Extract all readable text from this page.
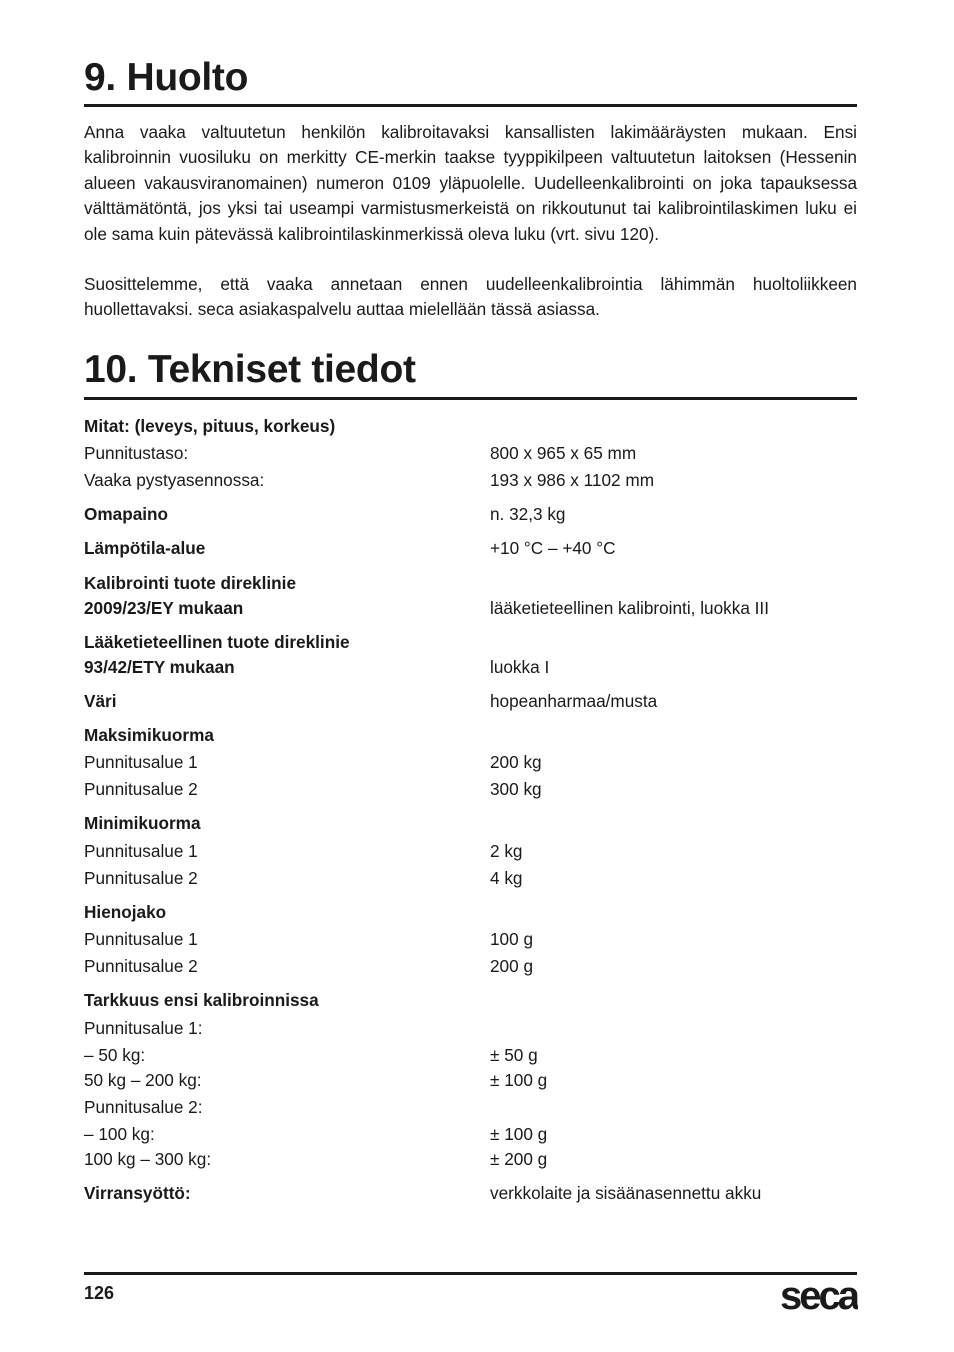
9. Huolto

Anna vaaka valtuutetun henkilön kalibroitavaksi kansallisten lakimääräysten mukaan. Ensi kalibroinnin vuosiluku on merkitty CE-merkin taakse tyyppikilpeen valtuutetun laitoksen (Hessenin alueen vakausviranomainen) numeron 0109 yläpuolelle. Uudelleenkalibrointi on joka tapauksessa välttämätöntä, jos yksi tai useampi varmistusmerkeistä on rikkoutunut tai kalibrointilaskimen luku ei ole sama kuin pätevässä kalibrointilaskinmerkissä oleva luku (vrt. sivu 120).

Suosittelemme, että vaaka annetaan ennen uudelleenkalibrointia lähimmän huoltoliikkeen huollettavaksi. seca asiakaspalvelu auttaa mielellään tässä asiassa.

10. Tekniset tiedot
Mitat: (leveys, pituus, korkeus)
Punnitustaso:	800 x 965 x 65 mm
Vaaka pystyasennossa:	193 x 986 x 1102 mm
Omapaino	n. 32,3 kg
Lämpötila-alue	+10 °C – +40 °C
Kalibrointi tuote direklinie
2009/23/EY mukaan	lääketieteellinen kalibrointi, luokka III
Lääketieteellinen tuote direklinie
93/42/ETY mukaan	luokka I
Väri	hopeanharmaa/musta
Maksimikuorma
Punnitusalue 1	200 kg
Punnitusalue 2	300 kg
Minimikuorma
Punnitusalue 1	2 kg
Punnitusalue 2	4 kg
Hienojako
Punnitusalue 1	100 g
Punnitusalue 2	200 g
Tarkkuus ensi kalibroinnissa
Punnitusalue 1:
– 50 kg:	± 50 g
50 kg – 200 kg:	± 100 g
Punnitusalue 2:
– 100 kg:	± 100 g
100 kg – 300 kg:	± 200 g
Virransyöttö:	verkkolaite ja sisäänasennettu akku
126	seca
